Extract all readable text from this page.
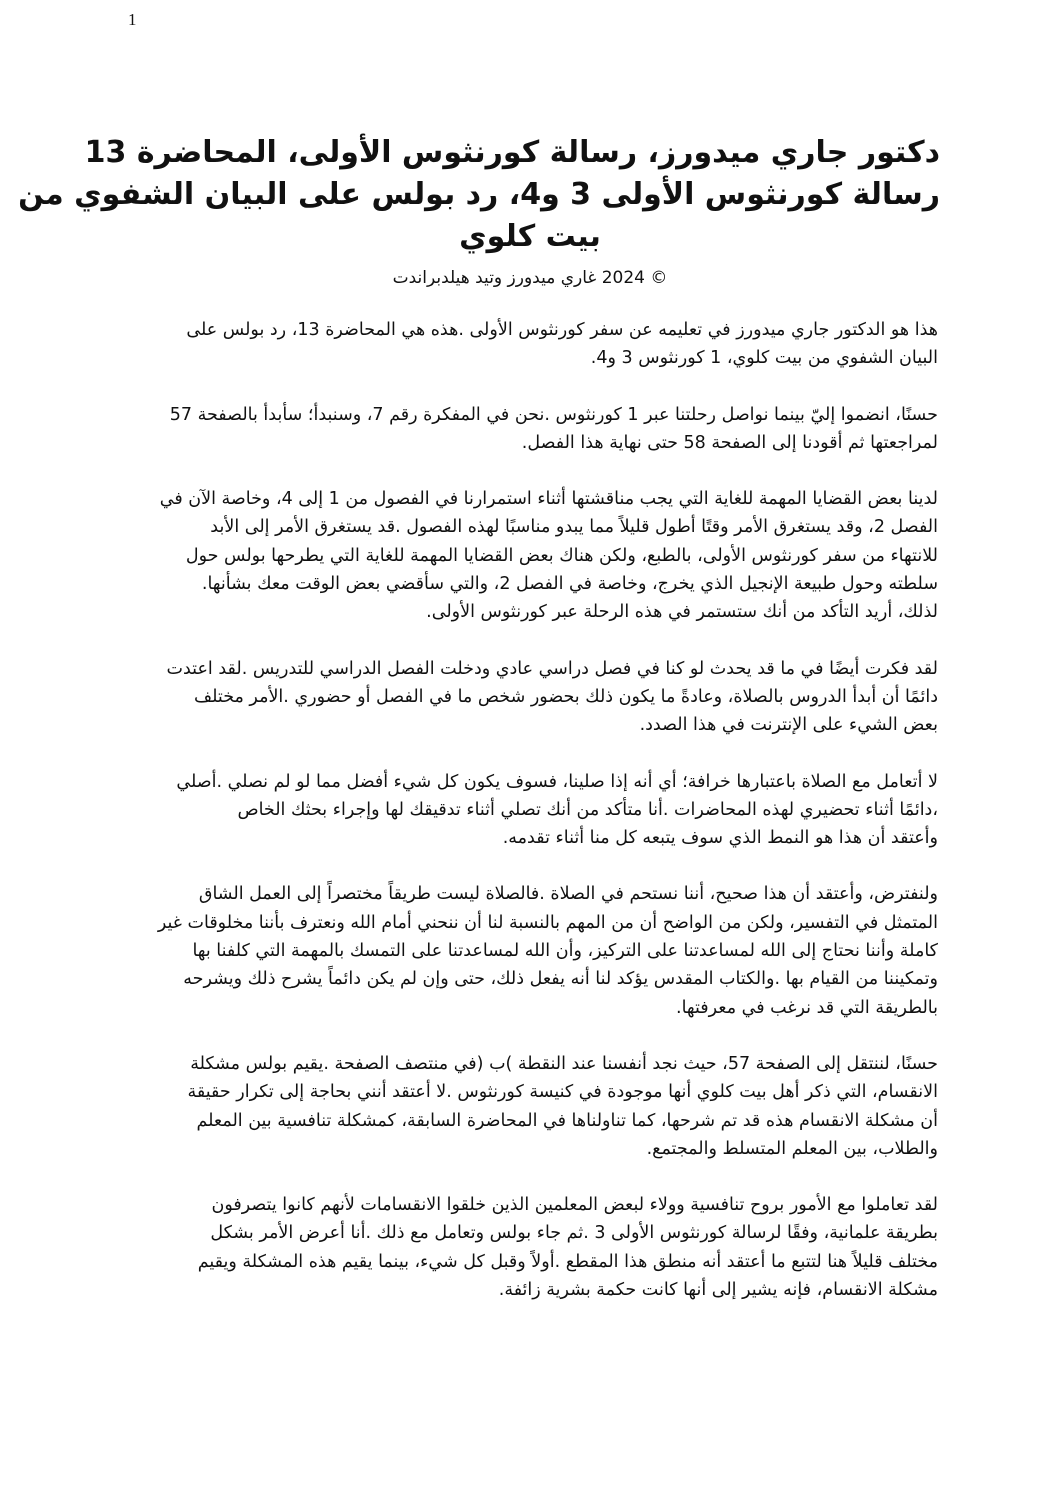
1
دكتور جاري ميدورز، رسالة كورنثوس الأولى، المحاضرة 13
رسالة كورنثوس الأولى 3 و4، رد بولس على البيان الشفوي من
بيت كلوي
© 2024 غاري ميدورز وتيد هيلدبراندت

هذا هو الدكتور جاري ميدورز في تعليمه عن سفر كورنثوس الأولى .هذه هي المحاضرة 13، رد بولس على
البيان الشفوي من بيت كلوي، 1 كورنثوس 3 و4.

حسنًا، انضموا إليّ بينما نواصل رحلتنا عبر 1 كورنثوس .نحن في المفكرة رقم 7، وسنبدأ؛ سأبدأ بالصفحة 57
لمراجعتها ثم أقودنا إلى الصفحة 58 حتى نهاية هذا الفصل.

لدينا بعض القضايا المهمة للغاية التي يجب مناقشتها أثناء استمرارنا في الفصول من 1 إلى 4، وخاصة الآن في
الفصل 2، وقد يستغرق الأمر وقتًا أطول قليلاً مما يبدو مناسبًا لهذه الفصول .قد يستغرق الأمر إلى الأبد
للانتهاء من سفر كورنثوس الأولى، بالطبع، ولكن هناك بعض القضايا المهمة للغاية التي يطرحها بولس حول
سلطته وحول طبيعة الإنجيل الذي يخرج، وخاصة في الفصل 2، والتي سأقضي بعض الوقت معك بشأنها.
لذلك، أريد التأكد من أنك ستستمر في هذه الرحلة عبر كورنثوس الأولى.

لقد فكرت أيضًا في ما قد يحدث لو كنا في فصل دراسي عادي ودخلت الفصل الدراسي للتدريس .لقد اعتدت
دائمًا أن أبدأ الدروس بالصلاة، وعادةً ما يكون ذلك بحضور شخص ما في الفصل أو حضوري .الأمر مختلف
بعض الشيء على الإنترنت في هذا الصدد.

لا أتعامل مع الصلاة باعتبارها خرافة؛ أي أنه إذا صلينا، فسوف يكون كل شيء أفضل مما لو لم نصلي .أصلي
،دائمًا أثناء تحضيري لهذه المحاضرات .أنا متأكد من أنك تصلي أثناء تدقيقك لها وإجراء بحثك الخاص
وأعتقد أن هذا هو النمط الذي سوف يتبعه كل منا أثناء تقدمه.

ولنفترض، وأعتقد أن هذا صحيح، أننا نستحم في الصلاة .فالصلاة ليست طريقاً مختصراً إلى العمل الشاق
المتمثل في التفسير، ولكن من الواضح أن من المهم بالنسبة لنا أن ننحني أمام الله ونعترف بأننا مخلوقات غير
كاملة وأننا نحتاج إلى الله لمساعدتنا على التركيز، وأن الله لمساعدتنا على التمسك بالمهمة التي كلفنا بها
وتمكيننا من القيام بها .والكتاب المقدس يؤكد لنا أنه يفعل ذلك، حتى وإن لم يكن دائماً يشرح ذلك ويشرحه
بالطريقة التي قد نرغب في معرفتها.

حسنًا، لننتقل إلى الصفحة 57، حيث نجد أنفسنا عند النقطة )ب (في منتصف الصفحة .يقيم بولس مشكلة
الانقسام، التي ذكر أهل بيت كلوي أنها موجودة في كنيسة كورنثوس .لا أعتقد أنني بحاجة إلى تكرار حقيقة
أن مشكلة الانقسام هذه قد تم شرحها، كما تناولناها في المحاضرة السابقة، كمشكلة تنافسية بين المعلم
والطلاب، بين المعلم المتسلط والمجتمع.

لقد تعاملوا مع الأمور بروح تنافسية وولاء لبعض المعلمين الذين خلقوا الانقسامات لأنهم كانوا يتصرفون
بطريقة علمانية، وفقًا لرسالة كورنثوس الأولى 3 .ثم جاء بولس وتعامل مع ذلك .أنا أعرض الأمر بشكل
مختلف قليلاً هنا لتتبع ما أعتقد أنه منطق هذا المقطع .أولاً وقبل كل شيء، بينما يقيم هذه المشكلة ويقيم
مشكلة الانقسام، فإنه يشير إلى أنها كانت حكمة بشرية زائفة.
